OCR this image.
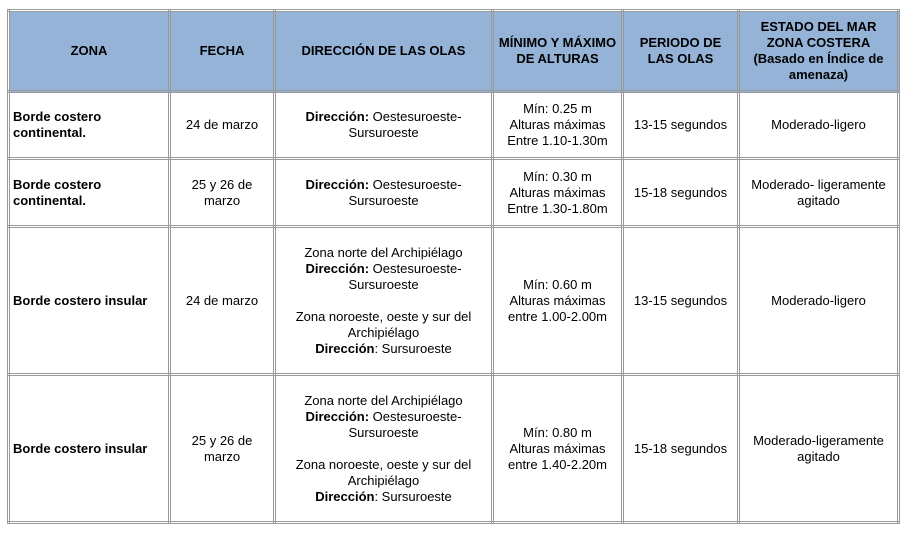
ZONA	FECHA	DIRECCIÓN DE LAS OLAS	MÍNIMO Y MÁXIMO DE ALTURAS	PERIODO DE LAS OLAS	ESTADO DEL MAR ZONA COSTERA
(Basado en Índice de amenaza)

Borde costero continental.	24 de marzo	Dirección: Oestesuroeste-Sursuroeste	Mín: 0.25 m
Alturas máximas
Entre 1.10-1.30m	13-15 segundos	Moderado-ligero
Borde costero continental.	25 y 26 de marzo	Dirección: Oestesuroeste-Sursuroeste	Mín: 0.30 m
Alturas máximas
Entre 1.30-1.80m	15-18 segundos	Moderado- ligeramente agitado
Borde costero insular	24 de marzo	Zona norte del Archipiélago
Dirección: Oestesuroeste-Sursuroeste
Zona noroeste, oeste y sur del Archipiélago
Dirección: Sursuroeste	Mín: 0.60 m
Alturas máximas
entre 1.00-2.00m	13-15 segundos	Moderado-ligero
Borde costero insular	25 y 26 de marzo	Zona norte del Archipiélago
Dirección: Oestesuroeste-Sursuroeste
Zona noroeste, oeste y sur del Archipiélago
Dirección: Sursuroeste	Mín: 0.80 m
Alturas máximas
entre 1.40-2.20m	15-18 segundos	Moderado-ligeramente agitado
